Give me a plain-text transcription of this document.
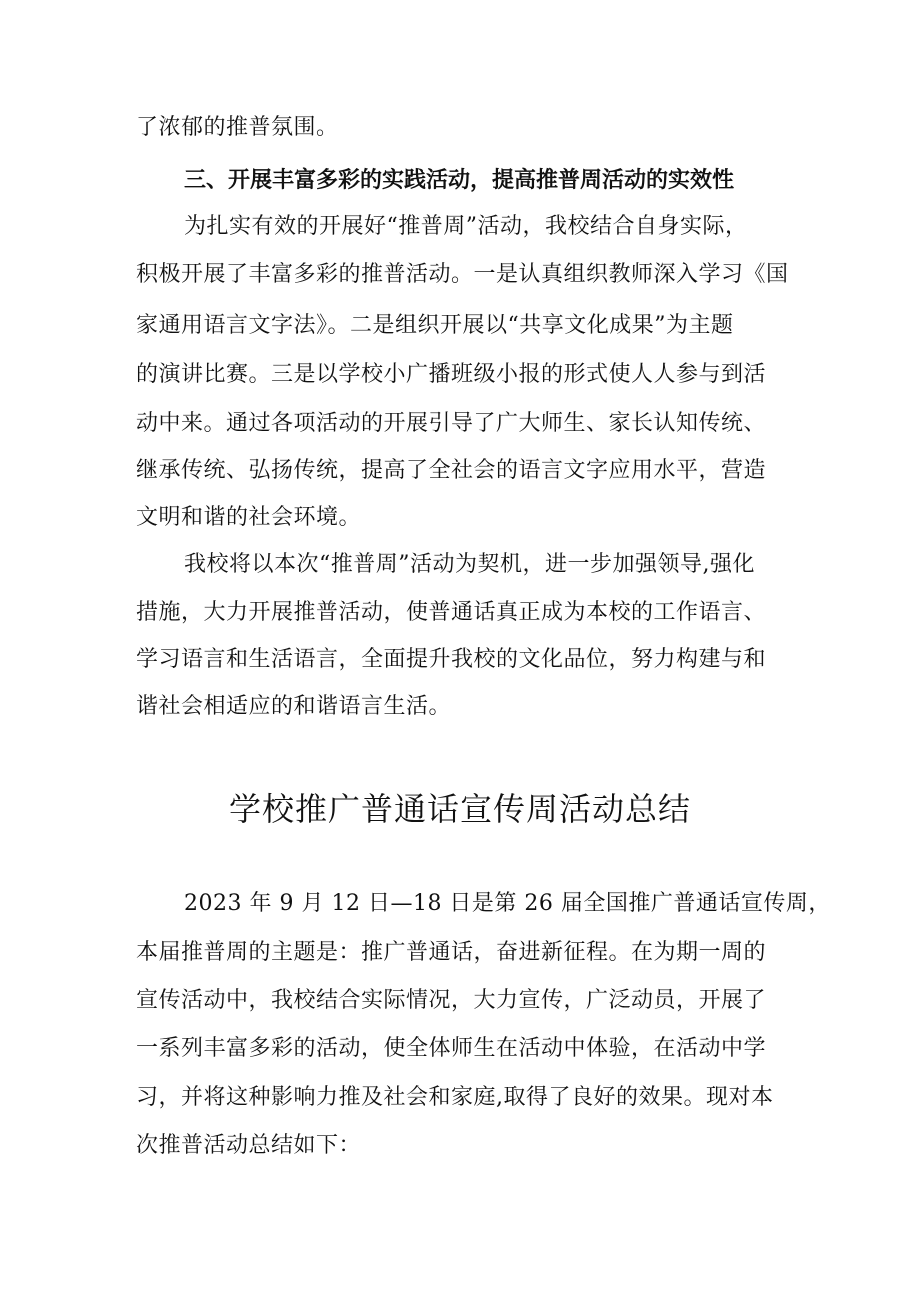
了浓郁的推普氛围。
三、开展丰富多彩的实践活动，提高推普周活动的实效性
为扎实有效的开展好“推普周”活动，我校结合自身实际，
积极开展了丰富多彩的推普活动。一是认真组织教师深入学习《国
家通用语言文字法》。二是组织开展以“共享文化成果”为主题
的演讲比赛。三是以学校小广播班级小报的形式使人人参与到活
动中来。通过各项活动的开展引导了广大师生、家长认知传统、
继承传统、弘扬传统，提高了全社会的语言文字应用水平，营造
文明和谐的社会环境。
我校将以本次“推普周”活动为契机，进一步加强领导,强化
措施，大力开展推普活动，使普通话真正成为本校的工作语言、
学习语言和生活语言，全面提升我校的文化品位，努力构建与和
谐社会相适应的和谐语言生活。
学校推广普通话宣传周活动总结
2023 年 9 月 12 日—18 日是第 26 届全国推广普通话宣传周，
本届推普周的主题是：推广普通话，奋进新征程。在为期一周的
宣传活动中，我校结合实际情况，大力宣传，广泛动员，开展了
一系列丰富多彩的活动，使全体师生在活动中体验，在活动中学
习，并将这种影响力推及社会和家庭,取得了良好的效果。现对本
次推普活动总结如下：
